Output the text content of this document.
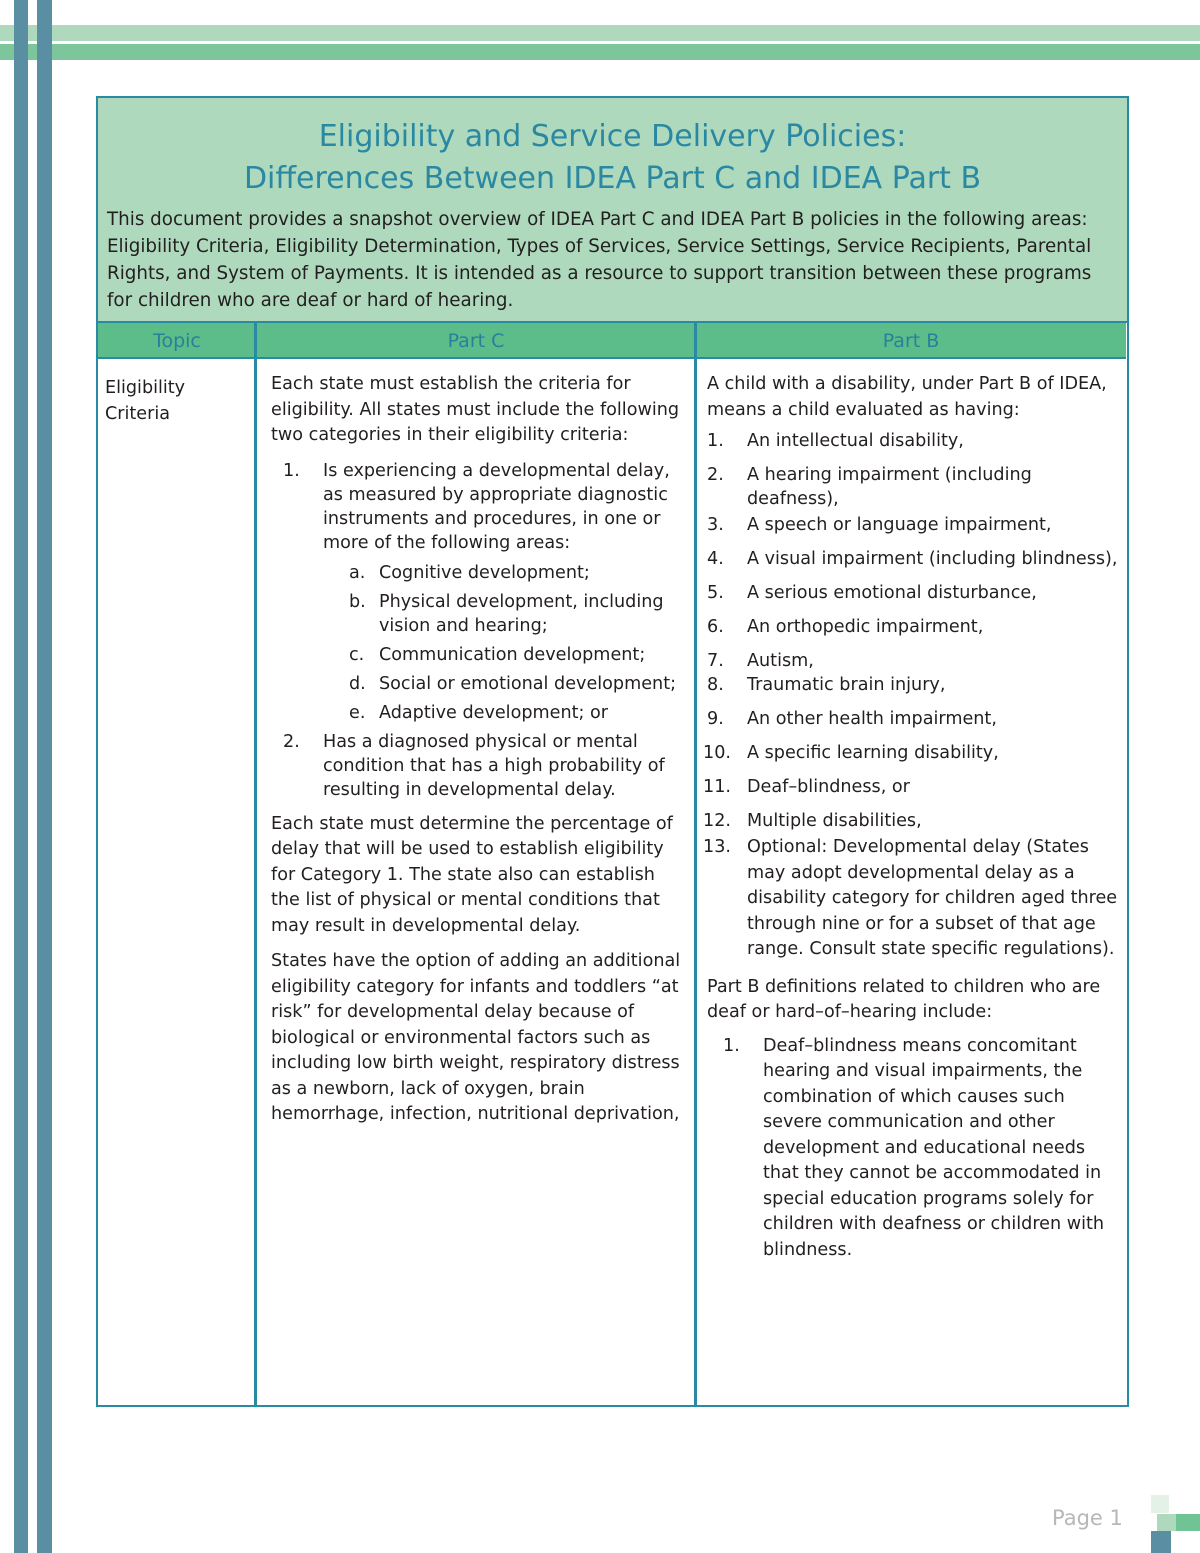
Eligibility and Service Delivery Policies:
Differences Between IDEA Part C and IDEA Part B
This document provides a snapshot overview of IDEA Part C and IDEA Part B policies in the following areas: Eligibility Criteria, Eligibility Determination, Types of Services, Service Settings, Service Recipients, Parental Rights, and System of Payments. It is intended as a resource to support transition between these programs for children who are deaf or hard of hearing.
Topic	Part C	Part B
Eligibility Criteria

Each state must establish the criteria for eligibility. All states must include the following two categories in their eligibility criteria:

1. Is experiencing a developmental delay, as measured by appropriate diagnostic instruments and procedures, in one or more of the following areas:
a. Cognitive development;
b. Physical development, including vision and hearing;
c. Communication development;
d. Social or emotional development;
e. Adaptive development; or
2. Has a diagnosed physical or mental condition that has a high probability of resulting in developmental delay.

Each state must determine the percentage of delay that will be used to establish eligibility for Category 1. The state also can establish the list of physical or mental conditions that may result in developmental delay.

States have the option of adding an additional eligibility category for infants and toddlers “at risk” for developmental delay because of biological or environmental factors such as including low birth weight, respiratory distress as a newborn, lack of oxygen, brain hemorrhage, infection, nutritional deprivation,

A child with a disability, under Part B of IDEA, means a child evaluated as having:

1. An intellectual disability,
2. A hearing impairment (including deafness),
3. A speech or language impairment,
4. A visual impairment (including blindness),
5. A serious emotional disturbance,
6. An orthopedic impairment,
7. Autism,
8. Traumatic brain injury,
9. An other health impairment,
10. A specific learning disability,
11. Deaf–blindness, or
12. Multiple disabilities,
13. Optional: Developmental delay (States may adopt developmental delay as a disability category for children aged three through nine or for a subset of that age range. Consult state specific regulations).

Part B definitions related to children who are deaf or hard–of–hearing include:

1. Deaf–blindness means concomitant hearing and visual impairments, the combination of which causes such severe communication and other development and educational needs that they cannot be accommodated in special education programs solely for children with deafness or children with blindness.
Page 1
